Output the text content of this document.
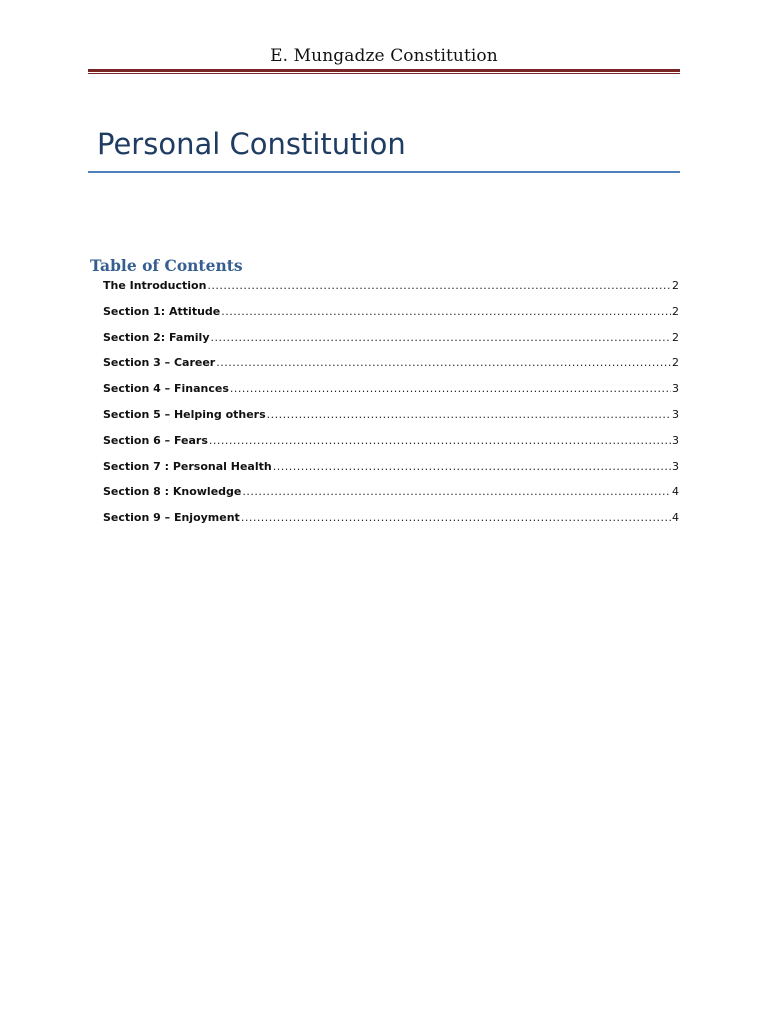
E. Mungadze Constitution
Personal Constitution
Table of Contents
The Introduction .....	2
Section 1: Attitude .....	2
Section 2: Family .....	2
Section 3 – Career .....	2
Section 4 – Finances .....	3
Section 5 – Helping others .....	3
Section 6 – Fears .....	3
Section 7 : Personal Health .....	3
Section 8 : Knowledge .....	4
Section 9 – Enjoyment .....	4
